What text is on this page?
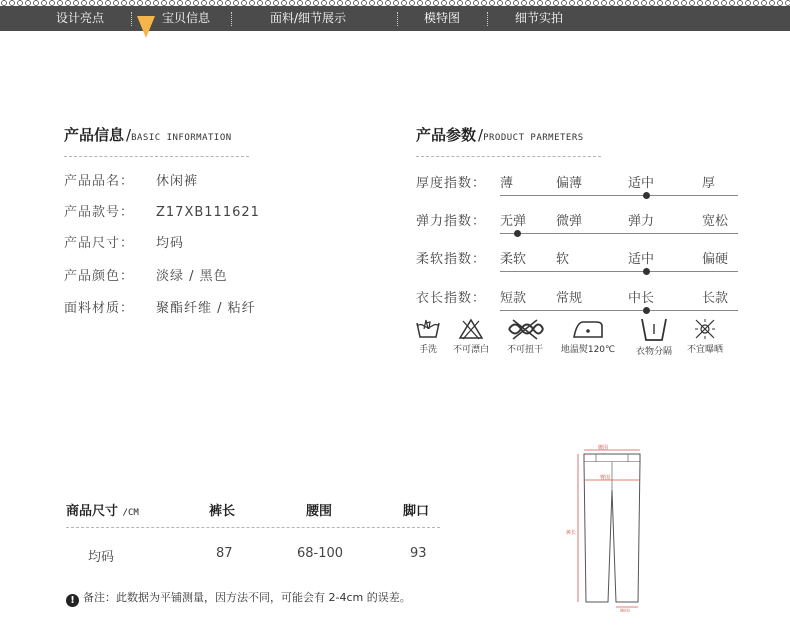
设计亮点	宝贝信息	面料/细节展示	模特图	细节实拍
产品信息 /BASIC INFORMATION
产品品名： 休闲裤
产品款号： Z17XB111621
产品尺寸： 均码
产品颜色： 淡绿 / 黑色
面料材质： 聚酯纤维 / 粘纤
产品参数 /PRODUCT PARMETERS
厚度指数： 薄	偏薄	适中	厚
弹力指数： 无弹 微弹	弹力	宽松
柔软指数： 柔软 软	适中	偏硬
衣长指数： 短款 常规	中长	长款
手洗	不可漂白	不可扭干	地温熨120℃	衣物分隔	不宜曝晒
商品尺寸 /CM	裤长	腰围	脚口
均码	87	68-100	93
! 备注：此数据为平铺测量，因方法不同，可能会有 2-4cm 的误差。
腰围
臀围
裤长
脚围
